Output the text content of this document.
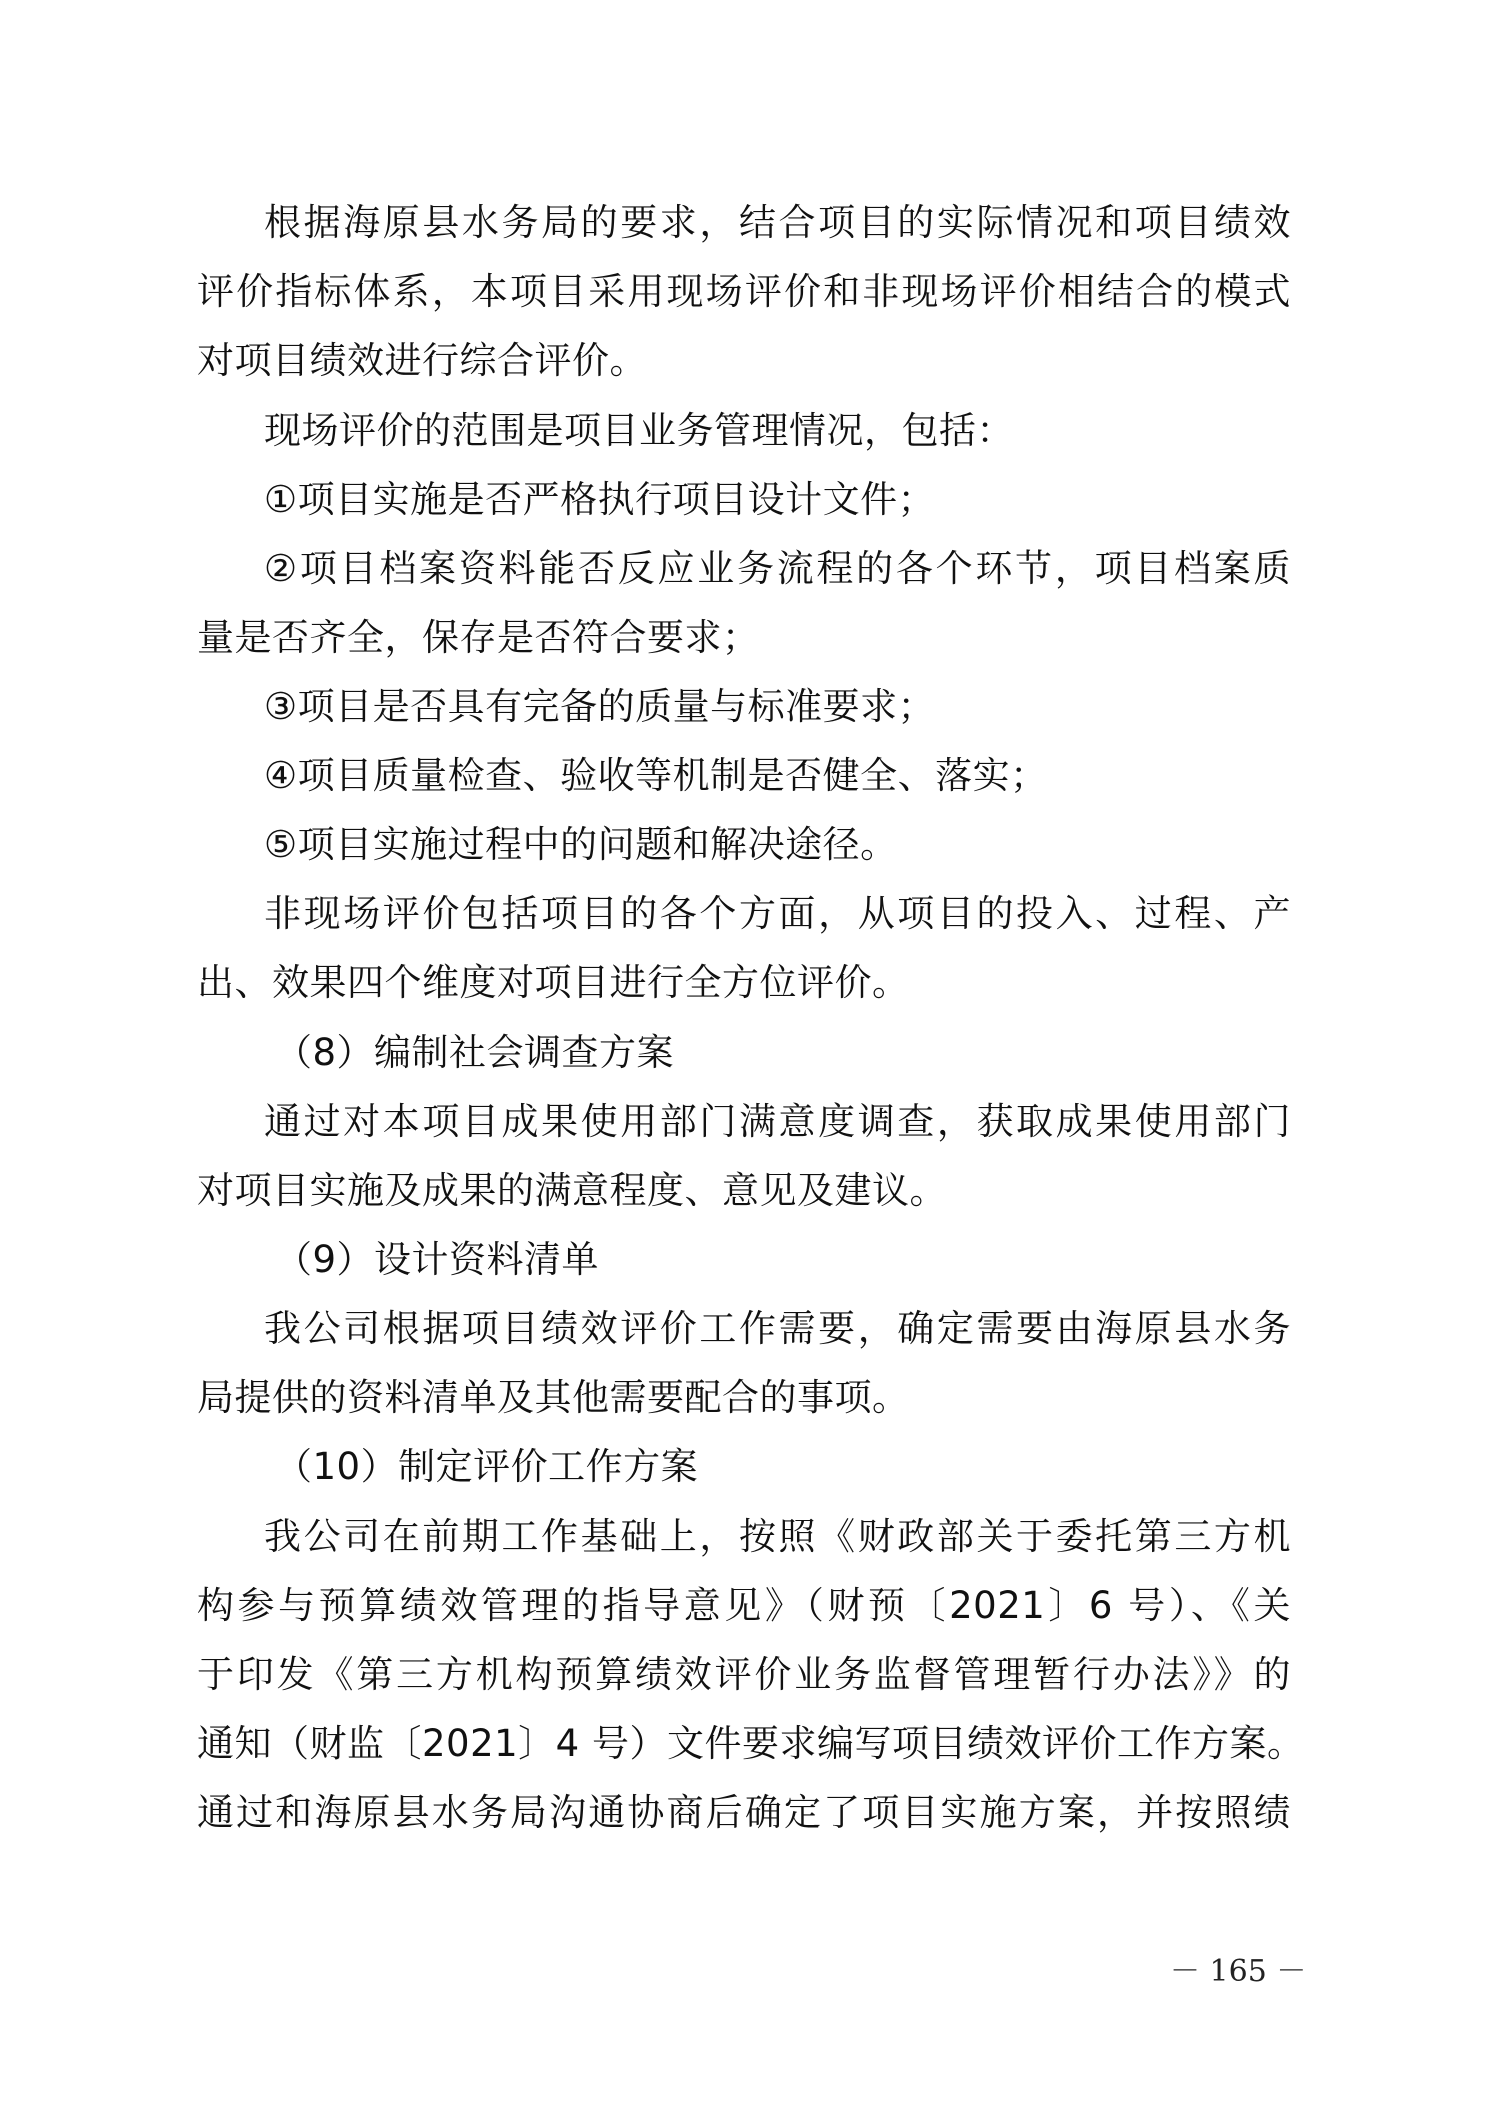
根据海原县水务局的要求，结合项目的实际情况和项目绩效
评价指标体系，本项目采用现场评价和非现场评价相结合的模式
对项目绩效进行综合评价。
现场评价的范围是项目业务管理情况，包括：
①项目实施是否严格执行项目设计文件；
②项目档案资料能否反应业务流程的各个环节，项目档案质
量是否齐全，保存是否符合要求；
③项目是否具有完备的质量与标准要求；
④项目质量检查、验收等机制是否健全、落实；
⑤项目实施过程中的问题和解决途径。
非现场评价包括项目的各个方面，从项目的投入、过程、产
出、效果四个维度对项目进行全方位评价。
（8）编制社会调查方案
通过对本项目成果使用部门满意度调查，获取成果使用部门
对项目实施及成果的满意程度、意见及建议。
（9）设计资料清单
我公司根据项目绩效评价工作需要，确定需要由海原县水务
局提供的资料清单及其他需要配合的事项。
（10）制定评价工作方案
我公司在前期工作基础上，按照《财政部关于委托第三方机
构参与预算绩效管理的指导意见》（财预〔2021〕6 号）、《关
于印发《第三方机构预算绩效评价业务监督管理暂行办法》》的
通知（财监〔2021〕4 号）文件要求编写项目绩效评价工作方案。
通过和海原县水务局沟通协商后确定了项目实施方案，并按照绩
－ 165 －
